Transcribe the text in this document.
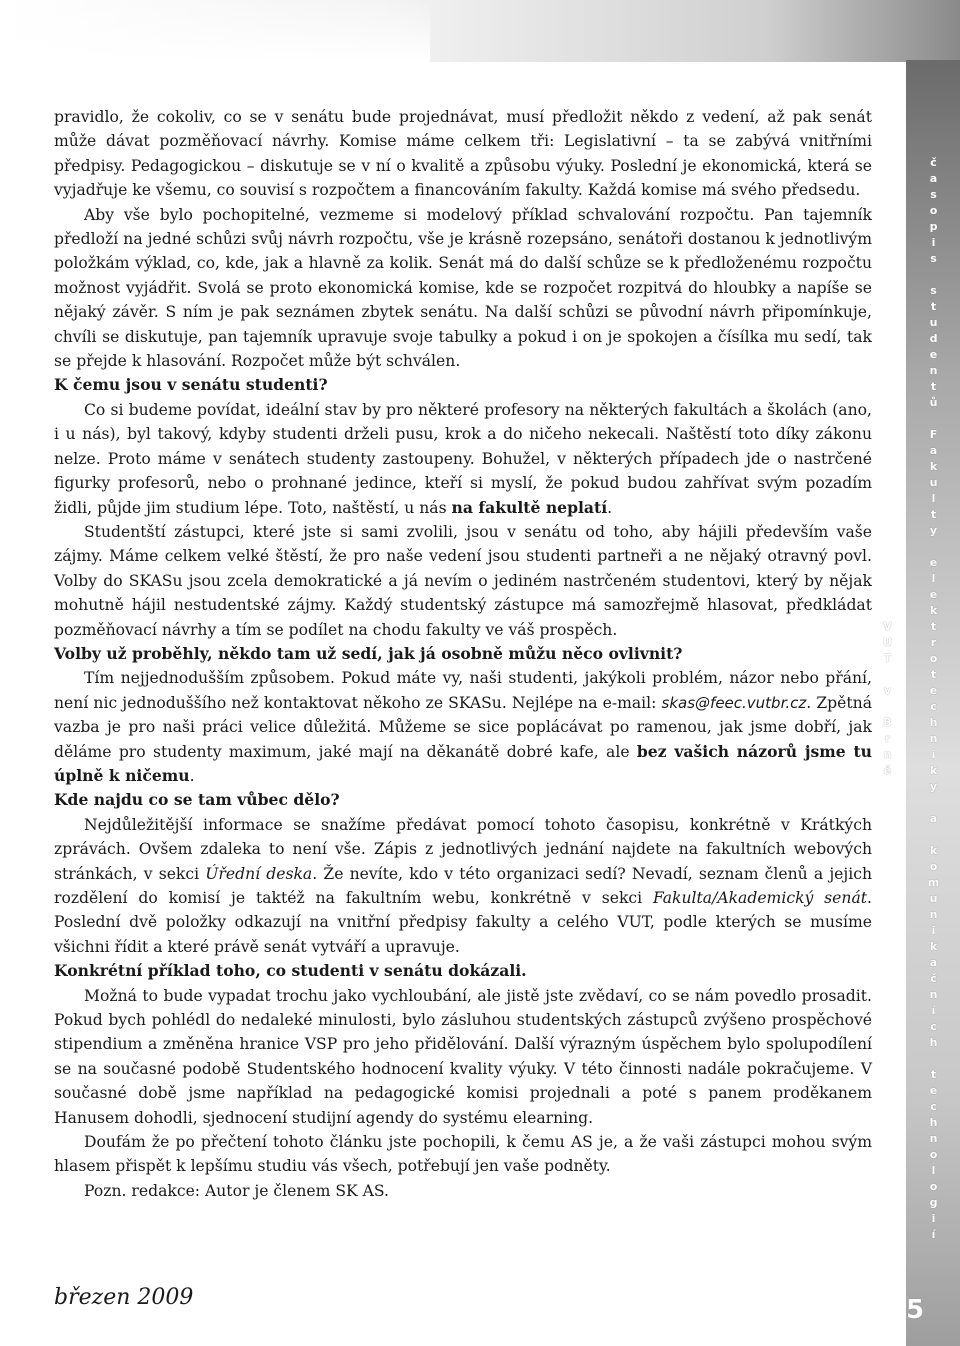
časopis studentů Fakulty elektrotechniky a komunikačních technologií VUT v Brně
5

pravidlo, že cokoliv, co se v senátu bude projednávat, musí předložit někdo z vedení, až pak senát může dávat pozměňovací návrhy. Komise máme celkem tři: Legislativní – ta se zabývá vnitřními předpisy. Pedagogickou – diskutuje se v ní o kvalitě a způsobu výuky. Poslední je ekonomická, která se vyjadřuje ke všemu, co souvisí s rozpočtem a financováním fakulty. Každá komise má svého předsedu.

Aby vše bylo pochopitelné, vezmeme si modelový příklad schvalování rozpočtu. Pan tajemník předloží na jedné schůzi svůj návrh rozpočtu, vše je krásně rozepsáno, senátoři dostanou k jednotlivým položkám výklad, co, kde, jak a hlavně za kolik. Senát má do další schůze se k předloženému rozpočtu možnost vyjádřit. Svolá se proto ekonomická komise, kde se rozpočet rozpitvá do hloubky a napíše se nějaký závěr. S ním je pak seznámen zbytek senátu. Na další schůzi se původní návrh připomínkuje, chvíli se diskutuje, pan tajemník upravuje svoje tabulky a pokud i on je spokojen a čísílka mu sedí, tak se přejde k hlasování. Rozpočet může být schválen.

K čemu jsou v senátu studenti?

Co si budeme povídat, ideální stav by pro některé profesory na některých fakultách a školách (ano, i u nás), byl takový, kdyby studenti drželi pusu, krok a do ničeho nekecali. Naštěstí toto díky zákonu nelze. Proto máme v senátech studenty zastoupeny. Bohužel, v některých případech jde o nastrčené figurky profesorů, nebo o prohnané jedince, kteří si myslí, že pokud budou zahřívat svým pozadím židli, půjde jim studium lépe. Toto, naštěstí, u nás na fakultě neplatí.

Studentští zástupci, které jste si sami zvolili, jsou v senátu od toho, aby hájili především vaše zájmy. Máme celkem velké štěstí, že pro naše vedení jsou studenti partneři a ne nějaký otravný povl. Volby do SKASu jsou zcela demokratické a já nevím o jediném nastrčeném studentovi, který by nějak mohutně hájil nestudentské zájmy. Každý studentský zástupce má samozřejmě hlasovat, předkládat pozměňovací návrhy a tím se podílet na chodu fakulty ve váš prospěch.

Volby už proběhly, někdo tam už sedí, jak já osobně můžu něco ovlivnit?

Tím nejjednodušším způsobem. Pokud máte vy, naši studenti, jakýkoli problém, názor nebo přání, není nic jednoduššího než kontaktovat někoho ze SKASu. Nejlépe na e-mail: skas@feec.vutbr.cz. Zpětná vazba je pro naši práci velice důležitá. Můžeme se sice poplácávat po ramenou, jak jsme dobří, jak děláme pro studenty maximum, jaké mají na děkanátě dobré kafe, ale bez vašich názorů jsme tu úplně k ničemu.

Kde najdu co se tam vůbec dělo?

Nejdůležitější informace se snažíme předávat pomocí tohoto časopisu, konkrétně v Krátkých zprávách. Ovšem zdaleka to není vše. Zápis z jednotlivých jednání najdete na fakultních webových stránkách, v sekci Úřední deska. Že nevíte, kdo v této organizaci sedí? Nevadí, seznam členů a jejich rozdělení do komisí je taktéž na fakultním webu, konkrétně v sekci Fakulta/Akademický senát. Poslední dvě položky odkazují na vnitřní předpisy fakulty a celého VUT, podle kterých se musíme všichni řídit a které právě senát vytváří a upravuje.

Konkrétní příklad toho, co studenti v senátu dokázali.

Možná to bude vypadat trochu jako vychloubání, ale jistě jste zvědaví, co se nám povedlo prosadit. Pokud bych pohlédl do nedaleké minulosti, bylo zásluhou studentských zástupců zvýšeno prospěchové stipendium a změněna hranice VSP pro jeho přidělování. Další výrazným úspěchem bylo spolupodílení se na současné podobě Studentského hodnocení kvality výuky. V této činnosti nadále pokračujeme. V současné době jsme například na pedagogické komisi projednali a poté s panem proděkanem Hanusem dohodli, sjednocení studijní agendy do systému elearning.

Doufám že po přečtení tohoto článku jste pochopili, k čemu AS je, a že vaši zástupci mohou svým hlasem přispět k lepšímu studiu vás všech, potřebují jen vaše podněty.

Pozn. redakce: Autor je členem SK AS.

březen 2009
